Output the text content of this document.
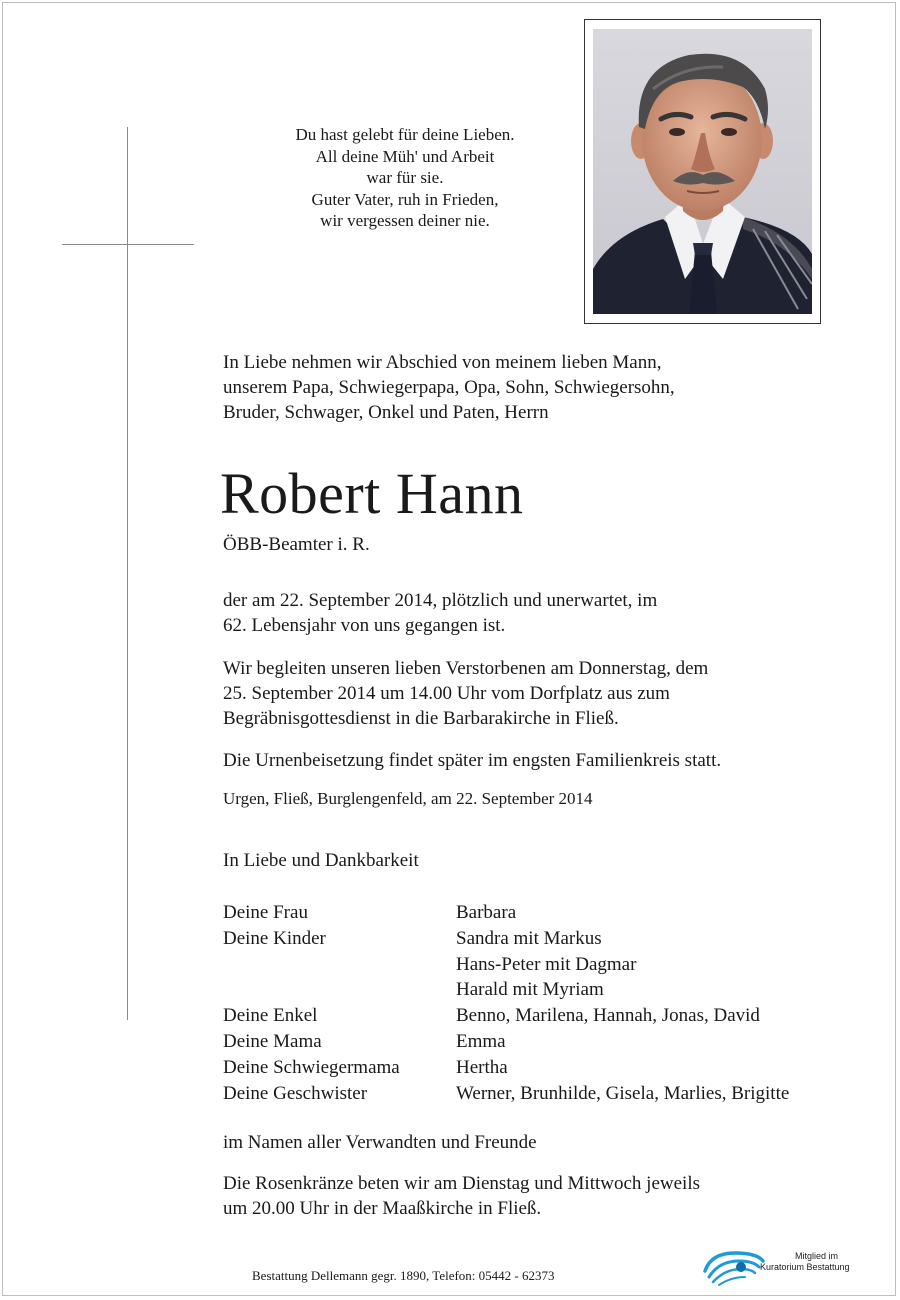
Du hast gelebt für deine Lieben.
All deine Müh' und Arbeit
war für sie.
Guter Vater, ruh in Frieden,
wir vergessen deiner nie.
In Liebe nehmen wir Abschied von meinem lieben Mann,
unserem Papa, Schwiegerpapa, Opa, Sohn, Schwiegersohn,
Bruder, Schwager, Onkel und Paten, Herrn
Robert Hann
ÖBB-Beamter i. R.
der am 22. September 2014, plötzlich und unerwartet, im
62. Lebensjahr von uns gegangen ist.
Wir begleiten unseren lieben Verstorbenen am Donnerstag, dem
25. September 2014 um 14.00 Uhr vom Dorfplatz aus zum
Begräbnisgottesdienst in die Barbarakirche in Fließ.
Die Urnenbeisetzung findet später im engsten Familienkreis statt.
Urgen, Fließ, Burglengenfeld, am 22. September 2014
In Liebe und Dankbarkeit
Deine Frau	Barbara
Deine Kinder	Sandra mit Markus
Hans-Peter mit Dagmar
Harald mit Myriam
Deine Enkel	Benno, Marilena, Hannah, Jonas, David
Deine Mama	Emma
Deine Schwiegermama	Hertha
Deine Geschwister	Werner, Brunhilde, Gisela, Marlies, Brigitte
im Namen aller Verwandten und Freunde
Die Rosenkränze beten wir am Dienstag und Mittwoch jeweils
um 20.00 Uhr in der Maaßkirche in Fließ.
Bestattung Dellemann gegr. 1890, Telefon: 05442 - 62373
Mitglied im
Kuratorium Bestattung
